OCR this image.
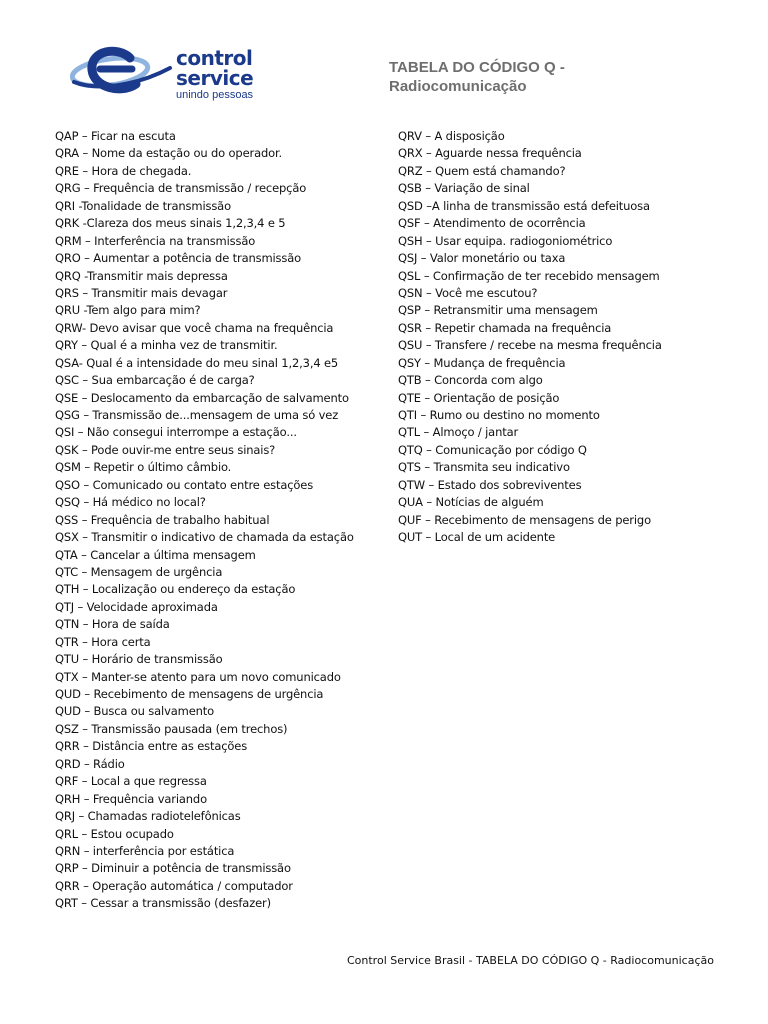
control
service
unindo pessoas
TABELA DO CÓDIGO Q -
Radiocomunicação
QAP – Ficar na escuta
QRA – Nome da estação ou do operador.
QRE – Hora de chegada.
QRG – Frequência de transmissão / recepção
QRI -Tonalidade de transmissão
QRK -Clareza dos meus sinais 1,2,3,4 e 5
QRM – Interferência na transmissão
QRO – Aumentar a potência de transmissão
QRQ -Transmitir mais depressa
QRS – Transmitir mais devagar
QRU -Tem algo para mim?
QRW- Devo avisar que você chama na frequência
QRY – Qual é a minha vez de transmitir.
QSA- Qual é a intensidade do meu sinal 1,2,3,4 e5
QSC – Sua embarcação é de carga?
QSE – Deslocamento da embarcação de salvamento
QSG – Transmissão de...mensagem de uma só vez
QSI – Não consegui interrompe a estação...
QSK – Pode ouvir-me entre seus sinais?
QSM – Repetir o último câmbio.
QSO – Comunicado ou contato entre estações
QSQ – Há médico no local?
QSS – Frequência de trabalho habitual
QSX – Transmitir o indicativo de chamada da estação
QTA – Cancelar a última mensagem
QTC – Mensagem de urgência
QTH – Localização ou endereço da estação
QTJ – Velocidade aproximada
QTN – Hora de saída
QTR – Hora certa
QTU – Horário de transmissão
QTX – Manter-se atento para um novo comunicado
QUD – Recebimento de mensagens de urgência
QUD – Busca ou salvamento
QSZ – Transmissão pausada (em trechos)
QRR – Distância entre as estações
QRD – Rádio
QRF – Local a que regressa
QRH – Frequência variando
QRJ – Chamadas radiotelefônicas
QRL – Estou ocupado
QRN – interferência por estática
QRP – Diminuir a potência de transmissão
QRR – Operação automática / computador
QRT – Cessar a transmissão (desfazer)
QRV – A disposição
QRX – Aguarde nessa frequência
QRZ – Quem está chamando?
QSB – Variação de sinal
QSD –A linha de transmissão está defeituosa
QSF – Atendimento de ocorrência
QSH – Usar equipa. radiogoniométrico
QSJ – Valor monetário ou taxa
QSL – Confirmação de ter recebido mensagem
QSN – Você me escutou?
QSP – Retransmitir uma mensagem
QSR – Repetir chamada na frequência
QSU – Transfere / recebe na mesma frequência
QSY – Mudança de frequência
QTB – Concorda com algo
QTE – Orientação de posição
QTI – Rumo ou destino no momento
QTL – Almoço / jantar
QTQ – Comunicação por código Q
QTS – Transmita seu indicativo
QTW – Estado dos sobreviventes
QUA – Notícias de alguém
QUF – Recebimento de mensagens de perigo
QUT – Local de um acidente
Control Service Brasil - TABELA DO CÓDIGO Q - Radiocomunicação
